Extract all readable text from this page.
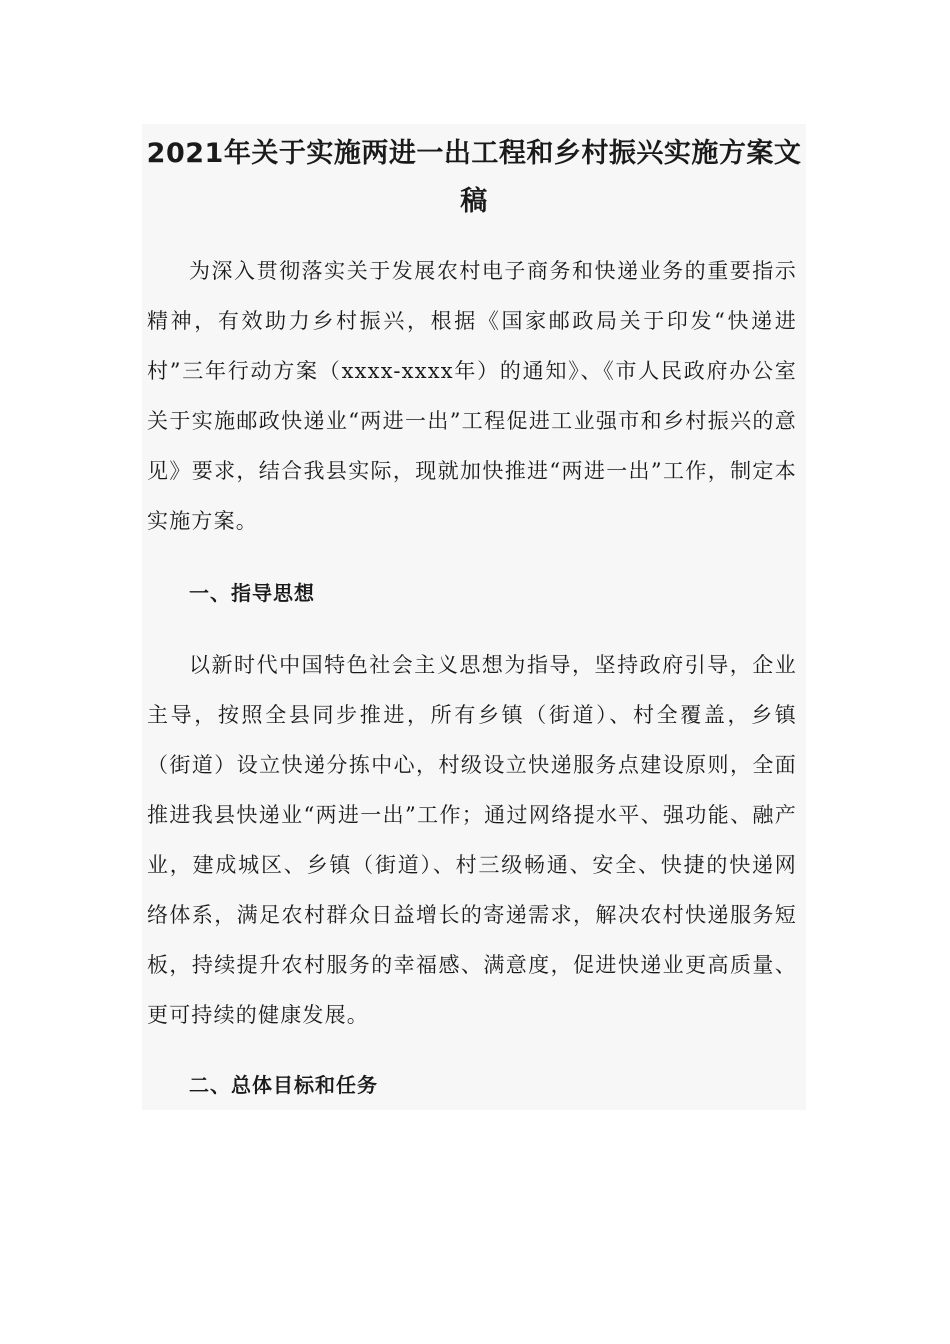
2021年关于实施两进一出工程和乡村振兴实施方案文稿
为深入贯彻落实关于发展农村电子商务和快递业务的重要指示精神，有效助力乡村振兴，根据《国家邮政局关于印发“快递进村”三年行动方案（xxxx-xxxx年）的通知》、《市人民政府办公室关于实施邮政快递业“两进一出”工程促进工业强市和乡村振兴的意见》要求，结合我县实际，现就加快推进“两进一出”工作，制定本实施方案。
一、指导思想
以新时代中国特色社会主义思想为指导，坚持政府引导，企业主导，按照全县同步推进，所有乡镇（街道）、村全覆盖，乡镇（街道）设立快递分拣中心，村级设立快递服务点建设原则，全面推进我县快递业“两进一出”工作；通过网络提水平、强功能、融产业，建成城区、乡镇（街道）、村三级畅通、安全、快捷的快递网络体系，满足农村群众日益增长的寄递需求，解决农村快递服务短板，持续提升农村服务的幸福感、满意度，促进快递业更高质量、更可持续的健康发展。
二、总体目标和任务
